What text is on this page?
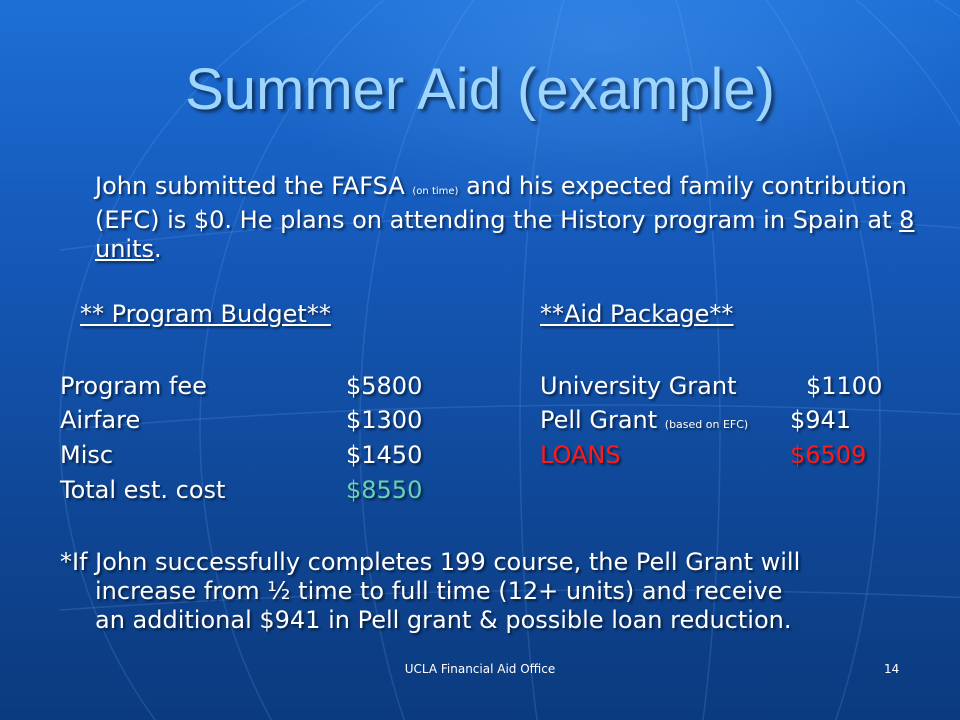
Summer Aid (example)
John submitted the FAFSA (on time) and his expected family contribution (EFC) is $0. He plans on attending the History program in Spain at 8 units.
** Program Budget**	**Aid Package**
Program fee	$5800
Airfare	$1300
Misc	$1450
Total est. cost	$8550
University Grant	$1100
Pell Grant (based on EFC) $941
LOANS	$6509
*If John successfully completes 199 course, the Pell Grant will
increase from ½ time to full time (12+ units) and receive
an additional $941 in Pell grant & possible loan reduction.
UCLA Financial Aid Office	14
